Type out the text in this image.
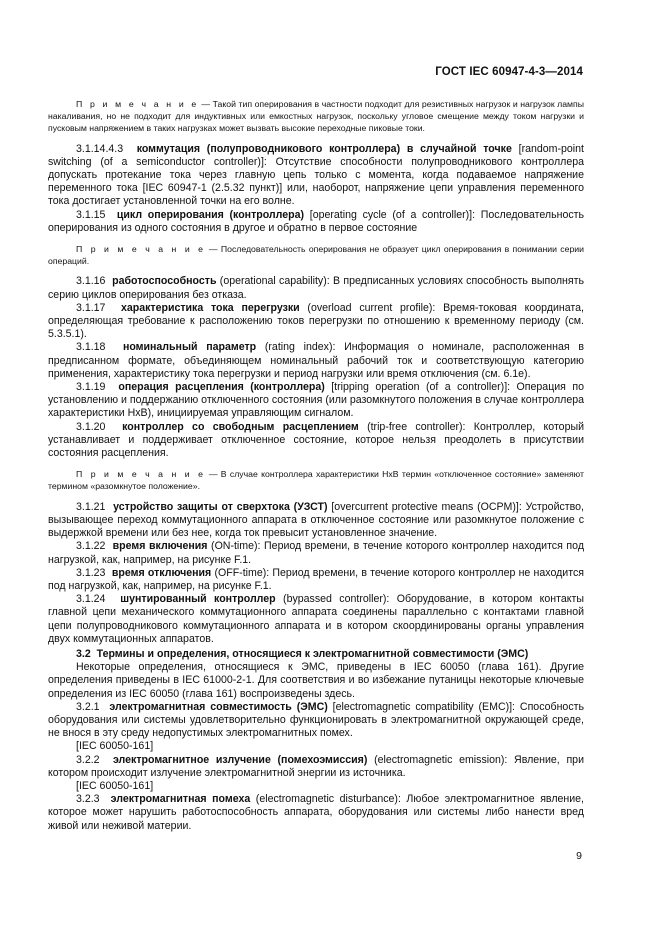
ГОСТ IEC 60947-4-3—2014

П р и м е ч а н и е — Такой тип оперирования в частности подходит для резистивных нагрузок и нагрузок лампы накаливания, но не подходит для индуктивных или емкостных нагрузок, поскольку угловое смещение между током нагрузки и пусковым напряжением в таких нагрузках может вызвать высокие переходные пиковые токи.

3.1.14.4.3 коммутация (полупроводникового контроллера) в случайной точке [random-point switching (of a semiconductor controller)]: Отсутствие способности полупроводникового контроллера допускать протекание тока через главную цепь только с момента, когда подаваемое напряжение переменного тока [IEC 60947-1 (2.5.32 пункт)] или, наоборот, напряжение цепи управления переменного тока достигает установленной точки на его волне.

3.1.15 цикл оперирования (контроллера) [operating cycle (of a controller)]: Последовательность оперирования из одного состояния в другое и обратно в первое состояние

П р и м е ч а н и е — Последовательность оперирования не образует цикл оперирования в понимании серии операций.

3.1.16 работоспособность (operational capability): В предписанных условиях способность выполнять серию циклов оперирования без отказа.

3.1.17 характеристика тока перегрузки (overload current profile): Время-токовая координата, определяющая требование к расположению токов перегрузки по отношению к временному периоду (см. 5.3.5.1).

3.1.18 номинальный параметр (rating index): Информация о номинале, расположенная в предписанном формате, объединяющем номинальный рабочий ток и соответствующую категорию применения, характеристику тока перегрузки и период нагрузки или время отключения (см. 6.1е).

3.1.19 операция расцепления (контроллера) [tripping operation (of a controller)]: Операция по установлению и поддержанию отключенного состояния (или разомкнутого положения в случае контроллера характеристики НхВ), инициируемая управляющим сигналом.

3.1.20 контроллер со свободным расцеплением (trip-free controller): Контроллер, который устанавливает и поддерживает отключенное состояние, которое нельзя преодолеть в присутствии состояния расцепления.

П р и м е ч а н и е — В случае контроллера характеристики НхВ термин «отключенное состояние» заменяют термином «разомкнутое положение».

3.1.21 устройство защиты от сверхтока (УЗСТ) [overcurrent protective means (OCPM)]: Устройство, вызывающее переход коммутационного аппарата в отключенное состояние или разомкнутое положение с выдержкой времени или без нее, когда ток превысит установленное значение.

3.1.22 время включения (ON-time): Период времени, в течение которого контроллер находится под нагрузкой, как, например, на рисунке F.1.

3.1.23 время отключения (OFF-time): Период времени, в течение которого контроллер не находится под нагрузкой, как, например, на рисунке F.1.

3.1.24 шунтированный контроллер (bypassed controller): Оборудование, в котором контакты главной цепи механического коммутационного аппарата соединены параллельно с контактами главной цепи полупроводникового коммутационного аппарата и в котором скоординированы органы управления двух коммутационных аппаратов.

3.2 Термины и определения, относящиеся к электромагнитной совместимости (ЭМС)

Некоторые определения, относящиеся к ЭМС, приведены в IEC 60050 (глава 161). Другие определения приведены в IEC 61000-2-1. Для соответствия и во избежание путаницы некоторые ключевые определения из IEC 60050 (глава 161) воспроизведены здесь.

3.2.1 электромагнитная совместимость (ЭМС) [electromagnetic compatibility (EMC)]: Способность оборудования или системы удовлетворительно функционировать в электромагнитной окружающей среде, не внося в эту среду недопустимых электромагнитных помех.

[IEC 60050-161]

3.2.2 электромагнитное излучение (помехоэмиссия) (electromagnetic emission): Явление, при котором происходит излучение электромагнитной энергии из источника.

[IEC 60050-161]

3.2.3 электромагнитная помеха (electromagnetic disturbance): Любое электромагнитное явление, которое может нарушить работоспособность аппарата, оборудования или системы либо нанести вред живой или неживой материи.

9
